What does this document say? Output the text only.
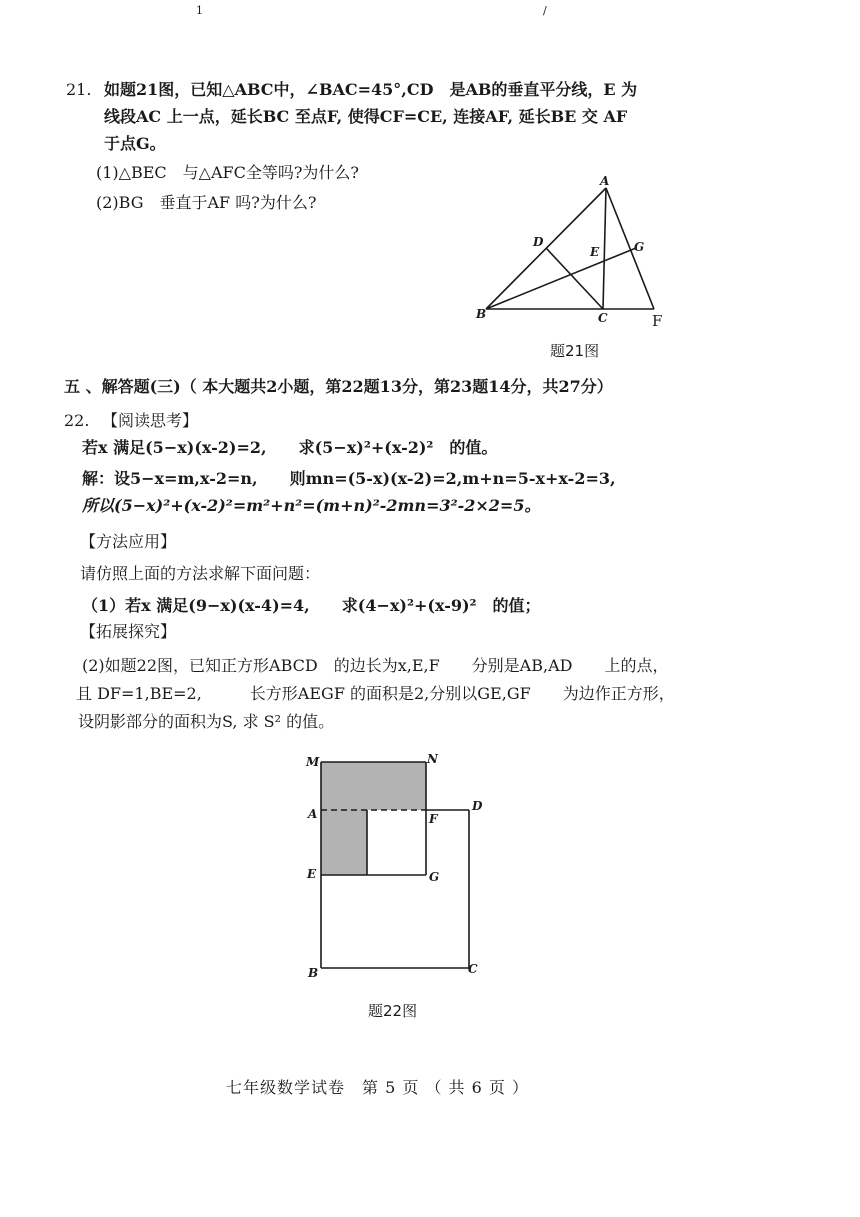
1	/
21. 如题21图，已知△ABC中，∠BAC=45°,CD　是AB的垂直平分线，E 为
线段AC 上一点，延长BC 至点F, 使得CF=CE, 连接AF, 延长BE 交 AF
于点G。
(1)△BEC　与△AFC全等吗?为什么?
(2)BG　垂直于AF 吗?为什么?
A
B	C
D
E
F
G
题21图
五 、解答题(三)（ 本大题共2小题，第22题13分，第23题14分，共27分）
22. 【阅读思考】
若x 满足(5−x)(x-2)=2,　　求(5−x)²+(x-2)²　的值。
解：设5−x=m,x-2=n,　　则mn=(5-x)(x-2)=2,m+n=5-x+x-2=3,
所以(5−x)²+(x-2)²=m²+n²=(m+n)²-2mn=3²-2×2=5。
【方法应用】
请仿照上面的方法求解下面问题：
（1）若x 满足(9−x)(x-4)=4,　　求(4−x)²+(x-9)²　的值；
【拓展探究】
(2)如题22图，已知正方形ABCD　的边长为x,E,F　　分别是AB,AD　　上的点，
且 DF=1,BE=2,　　　长方形AEGF 的面积是2,分别以GE,GF　　为边作正方形，
设阴影部分的面积为S, 求 S² 的值。
M	N
A
D
F
E	G
B	C
题22图
七年级数学试卷　第 5 页 （ 共 6 页 ）
